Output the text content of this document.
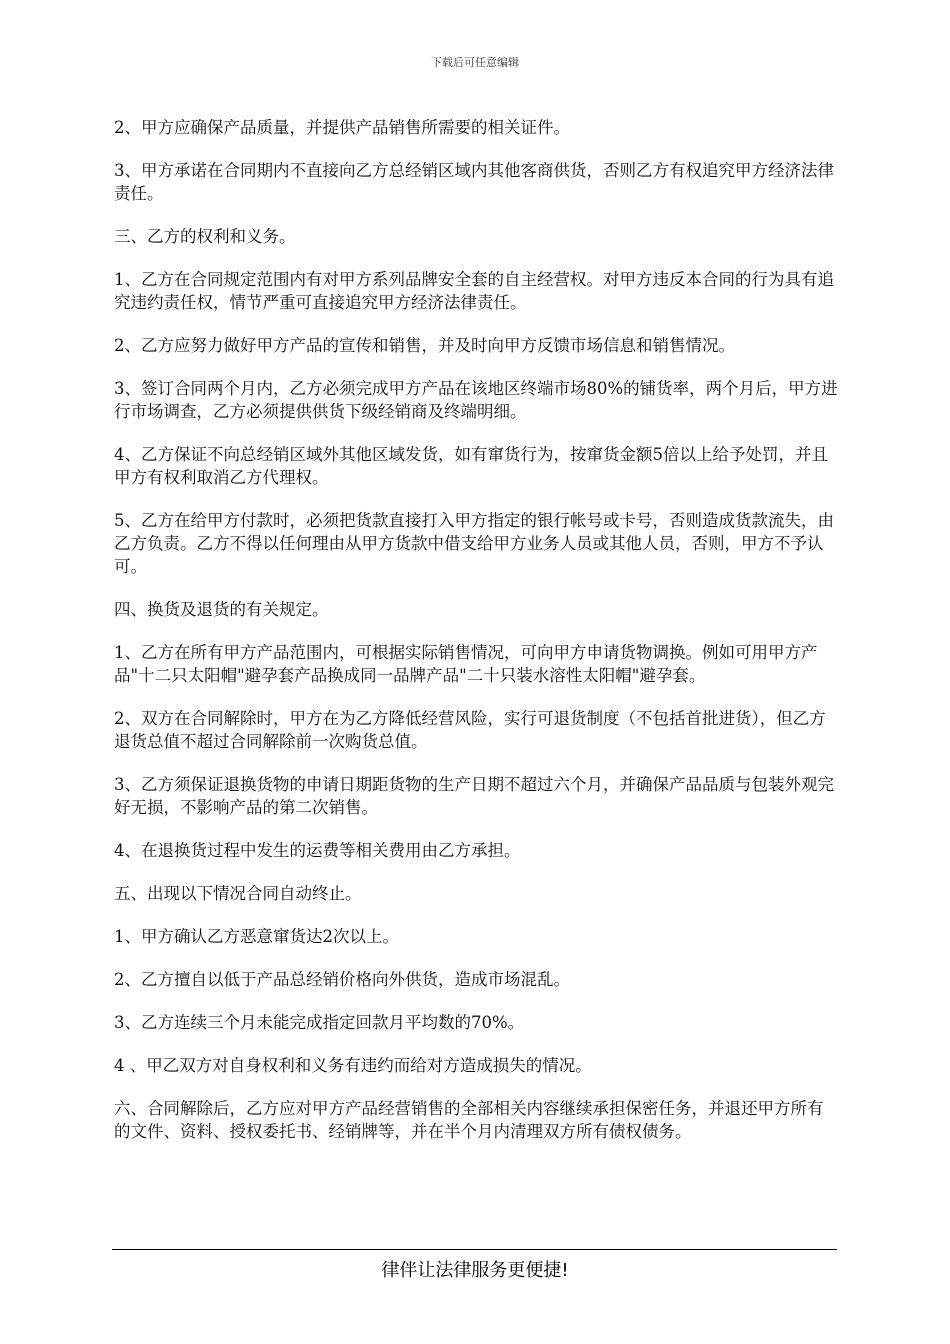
下载后可任意编辑

2、甲方应确保产品质量，并提供产品销售所需要的相关证件。

3、甲方承诺在合同期内不直接向乙方总经销区域内其他客商供货，否则乙方有权追究甲方经济法律责任。

三、乙方的权利和义务。

1、乙方在合同规定范围内有对甲方系列品牌安全套的自主经营权。对甲方违反本合同的行为具有追究违约责任权，情节严重可直接追究甲方经济法律责任。

2、乙方应努力做好甲方产品的宣传和销售，并及时向甲方反馈市场信息和销售情况。

3、签订合同两个月内，乙方必须完成甲方产品在该地区终端市场80%的铺货率，两个月后，甲方进行市场调查，乙方必须提供供货下级经销商及终端明细。

4、乙方保证不向总经销区域外其他区域发货，如有窜货行为，按窜货金额5倍以上给予处罚，并且甲方有权利取消乙方代理权。

5、乙方在给甲方付款时，必须把货款直接打入甲方指定的银行帐号或卡号，否则造成货款流失，由乙方负责。乙方不得以任何理由从甲方货款中借支给甲方业务人员或其他人员，否则，甲方不予认可。

四、换货及退货的有关规定。

1、乙方在所有甲方产品范围内，可根据实际销售情况，可向甲方申请货物调换。例如可用甲方产品"十二只太阳帽"避孕套产品换成同一品牌产品"二十只装水溶性太阳帽"避孕套。

2、双方在合同解除时，甲方在为乙方降低经营风险，实行可退货制度（不包括首批进货），但乙方退货总值不超过合同解除前一次购货总值。

3、乙方须保证退换货物的申请日期距货物的生产日期不超过六个月，并确保产品品质与包装外观完好无损，不影响产品的第二次销售。

4、在退换货过程中发生的运费等相关费用由乙方承担。

五、出现以下情况合同自动终止。

1、甲方确认乙方恶意窜货达2次以上。

2、乙方擅自以低于产品总经销价格向外供货，造成市场混乱。

3、乙方连续三个月未能完成指定回款月平均数的70%。

4 、甲乙双方对自身权利和义务有违约而给对方造成损失的情况。

六、合同解除后，乙方应对甲方产品经营销售的全部相关内容继续承担保密任务，并退还甲方所有的文件、资料、授权委托书、经销牌等，并在半个月内清理双方所有债权债务。

律伴让法律服务更便捷!
